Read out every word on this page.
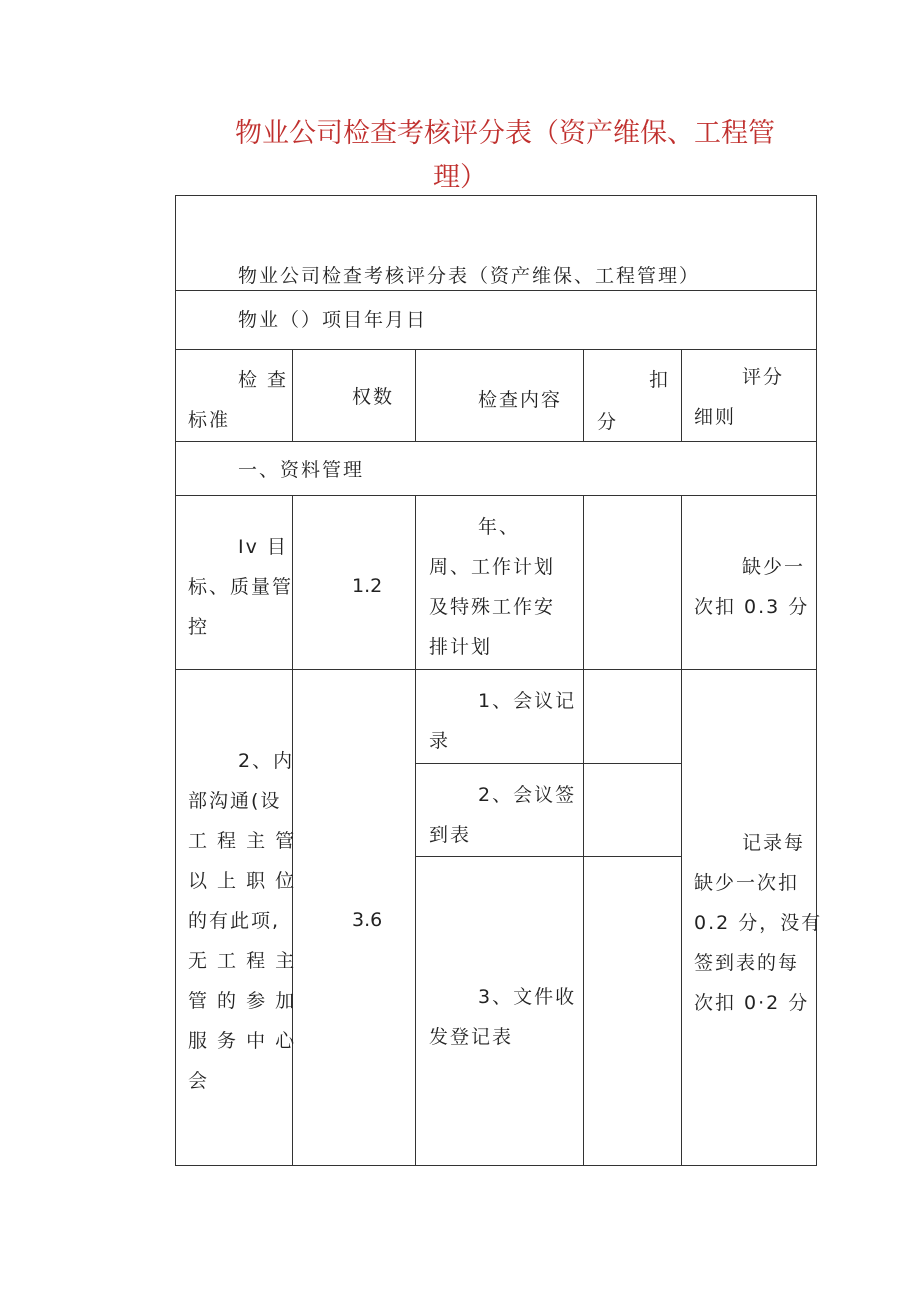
物业公司检查考核评分表（资产维保、工程管
理）
物业公司检查考核评分表（资产维保、工程管理）
物业（）项目年月日
检 查
标准
权数	检查内容
扣
分
评分
细则
一、资料管理
Iv 目
标、质量管
控
1.2
年、
周、工作计划
及特殊工作安
排计划
缺少一
次扣 0.3 分
2、内
部沟通(设
工 程 主 管
以 上 职 位
的有此项,
无 工 程 主
管 的 参 加
服 务 中 心
会
3.6
1、会议记
录
2、会议签
到表
3、文件收
发登记表
记录每
缺少一次扣
0.2 分，没有
签到表的每
次扣 0·2 分
